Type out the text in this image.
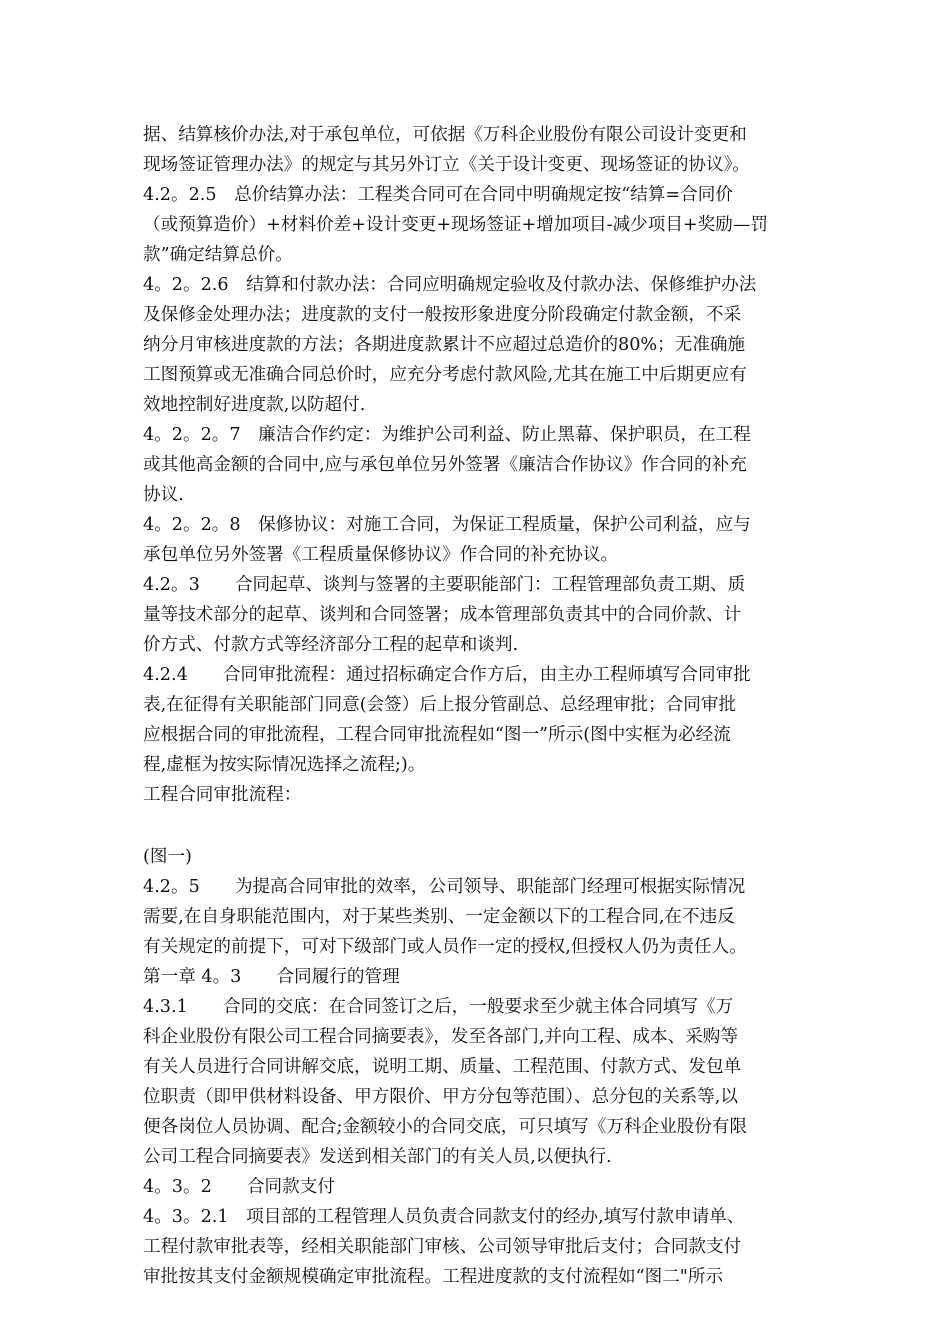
据、结算核价办法,对于承包单位，可依据《万科企业股份有限公司设计变更和
现场签证管理办法》的规定与其另外订立《关于设计变更、现场签证的协议》。
4.2。2.5　总价结算办法：工程类合同可在合同中明确规定按“结算=合同价
（或预算造价）+材料价差+设计变更+现场签证+增加项目-减少项目+奖励—罚
款”确定结算总价。
4。2。2.6　结算和付款办法：合同应明确规定验收及付款办法、保修维护办法
及保修金处理办法；进度款的支付一般按形象进度分阶段确定付款金额，不采
纳分月审核进度款的方法；各期进度款累计不应超过总造价的80%；无准确施
工图预算或无准确合同总价时，应充分考虑付款风险,尤其在施工中后期更应有
效地控制好进度款,以防超付.
4。2。2。7　廉洁合作约定：为维护公司利益、防止黑幕、保护职员，在工程
或其他高金额的合同中,应与承包单位另外签署《廉洁合作协议》作合同的补充
协议.
4。2。2。8　保修协议：对施工合同，为保证工程质量，保护公司利益，应与
承包单位另外签署《工程质量保修协议》作合同的补充协议。
4.2。3　　合同起草、谈判与签署的主要职能部门：工程管理部负责工期、质
量等技术部分的起草、谈判和合同签署；成本管理部负责其中的合同价款、计
价方式、付款方式等经济部分工程的起草和谈判.
4.2.4　　合同审批流程：通过招标确定合作方后，由主办工程师填写合同审批
表,在征得有关职能部门同意(会签）后上报分管副总、总经理审批；合同审批
应根据合同的审批流程，工程合同审批流程如“图一”所示(图中实框为必经流
程,虚框为按实际情况选择之流程;)。
工程合同审批流程：
(图一)
4.2。5　　为提高合同审批的效率，公司领导、职能部门经理可根据实际情况
需要,在自身职能范围内，对于某些类别、一定金额以下的工程合同,在不违反
有关规定的前提下，可对下级部门或人员作一定的授权,但授权人仍为责任人。
第一章 4。3　　合同履行的管理
4.3.1　　合同的交底：在合同签订之后，一般要求至少就主体合同填写《万
科企业股份有限公司工程合同摘要表》，发至各部门,并向工程、成本、采购等
有关人员进行合同讲解交底，说明工期、质量、工程范围、付款方式、发包单
位职责（即甲供材料设备、甲方限价、甲方分包等范围）、总分包的关系等,以
便各岗位人员协调、配合;金额较小的合同交底，可只填写《万科企业股份有限
公司工程合同摘要表》发送到相关部门的有关人员,以便执行.
4。3。2　　合同款支付
4。3。2.1　项目部的工程管理人员负责合同款支付的经办,填写付款申请单、
工程付款审批表等，经相关职能部门审核、公司领导审批后支付；合同款支付
审批按其支付金额规模确定审批流程。工程进度款的支付流程如“图二"所示
